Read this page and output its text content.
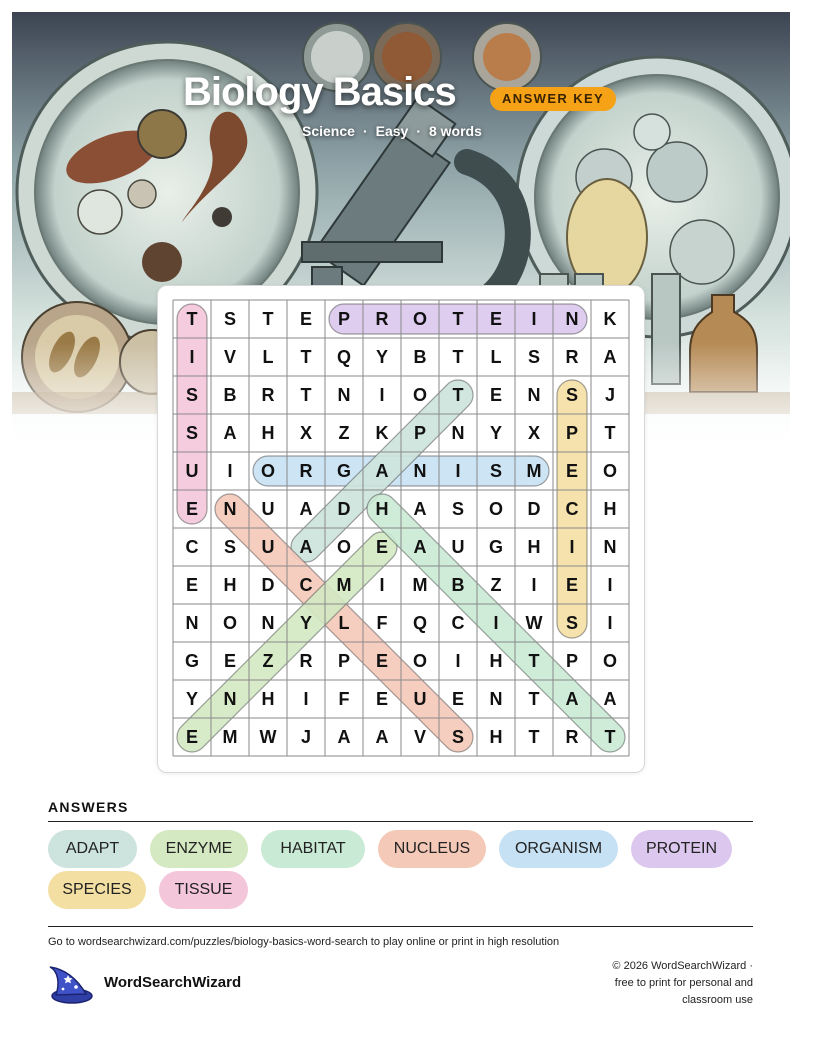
Biology Basics	ANSWER KEY
Science · Easy · 8 words
T S T E P R O T E I N K
I V L T Q Y B T L S R A
S B R T N I O T E N S J
S A H X Z K P N Y X P T
U I O R G A N I S M E O
E N U A D H A S O D C H
C S U A O E A U G H I N
E H D C M I M B Z I E I
N O N Y L F Q C I W S I
G E Z R P E O I H T P O
Y N H I F E U E N T A A
E M W J A A V S H T R T
ANSWERS
ADAPT	ENZYME	HABITAT	NUCLEUS	ORGANISM	PROTEIN
SPECIES	TISSUE
Go to wordsearchwizard.com/puzzles/biology-basics-word-search to play online or print in high resolution
WordSearchWizard
© 2026 WordSearchWizard ·
free to print for personal and
classroom use
